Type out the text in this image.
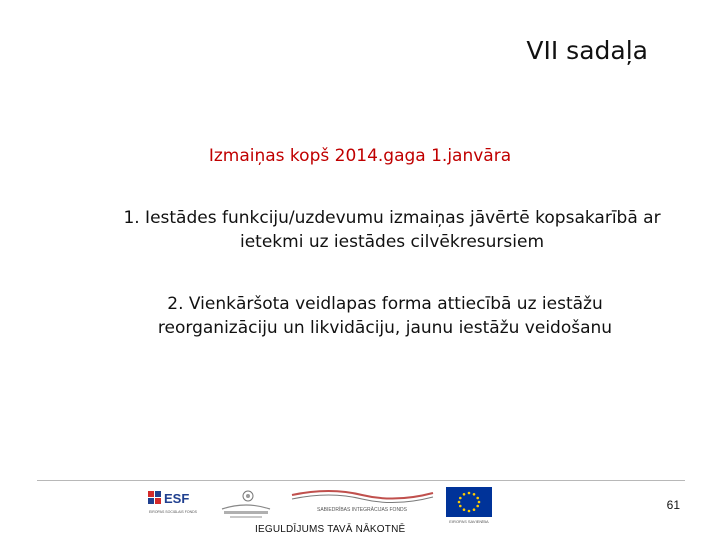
VII sadaļa
Izmaiņas kopš 2014.gaga 1.janvāra
1. Iestādes funkciju/uzdevumu izmaiņas jāvērtē kopsakarībā ar
ietekmi uz iestādes cilvēkresursiem
2. Vienkāršota veidlapas forma attiecībā uz iestāžu
reorganizāciju un likvidāciju, jaunu iestāžu veidošanu
61
ESF
EIROPAS SOCIĀLAIS FONDS	SABIEDRĪBAS INTEGRĀCIJAS FONDS
EIROPAS SAVIENĪBA
IEGULDĪJUMS TAVĀ NĀKOTNĒ
